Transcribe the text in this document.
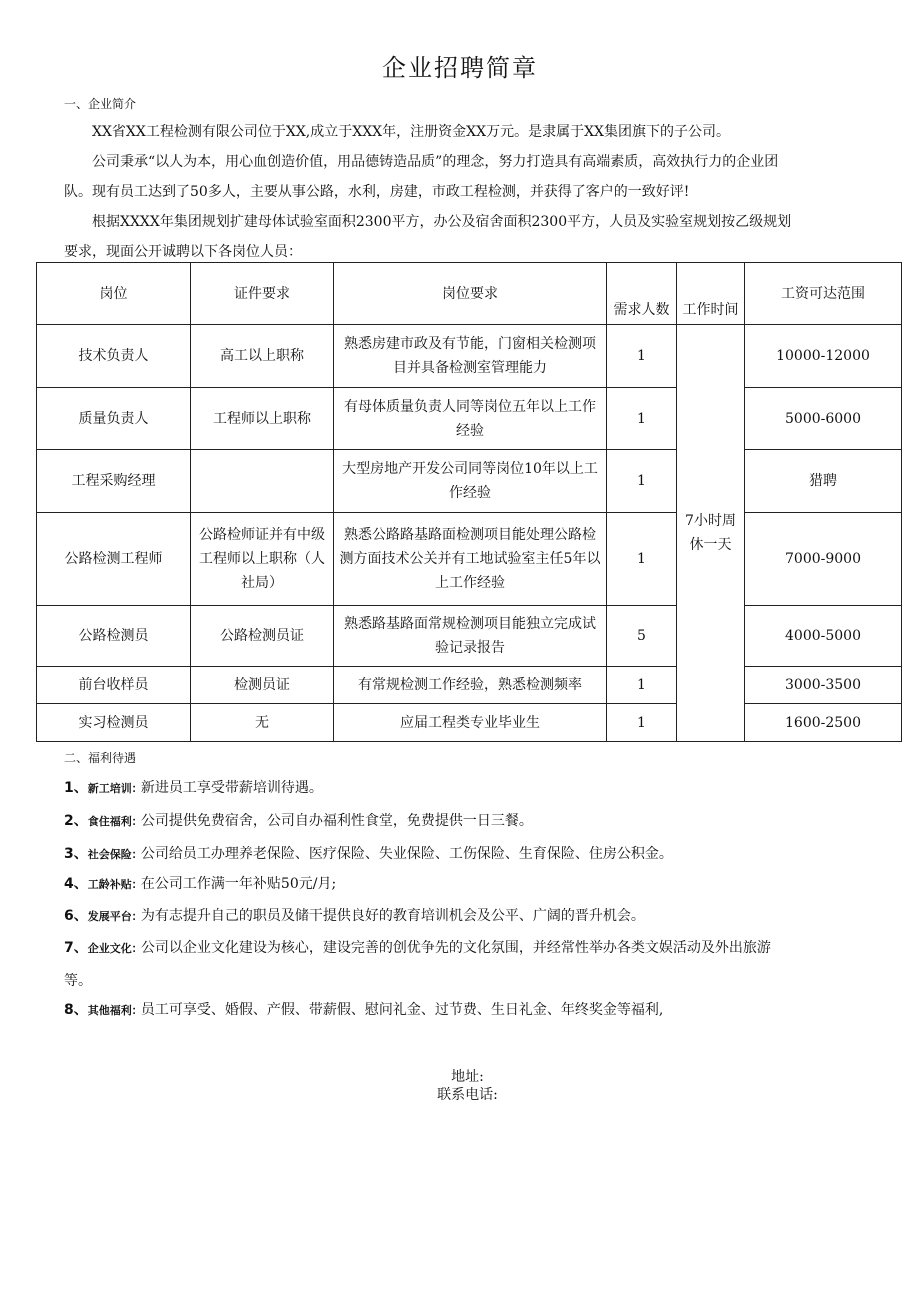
企业招聘简章
一、企业简介
XX省XX工程检测有限公司位于XX,成立于XXX年，注册资金XX万元。是隶属于XX集团旗下的子公司。
公司秉承“以人为本，用心血创造价值，用品德铸造品质”的理念，努力打造具有高端素质，高效执行力的企业团队。现有员工达到了50多人，主要从事公路，水利，房建，市政工程检测，并获得了客户的一致好评!
根据XXXX年集团规划扩建母体试验室面积2300平方，办公及宿舍面积2300平方，人员及实验室规划按乙级规划要求，现面公开诚聘以下各岗位人员：
岗位	证件要求	岗位要求	需求人数	工作时间	工资可达范围
技术负责人	高工以上职称	熟悉房建市政及有节能，门窗相关检测项目并具备检测室管理能力	1	7小时周休一天	10000-12000
质量负责人	工程师以上职称	有母体质量负责人同等岗位五年以上工作经验	1		5000-6000
工程采购经理		大型房地产开发公司同等岗位10年以上工作经验	1		猎聘
公路检测工程师	公路检师证并有中级工程师以上职称（人社局）	熟悉公路路基路面检测项目能处理公路检测方面技术公关并有工地试验室主任5年以上工作经验	1		7000-9000
公路检测员	公路检测员证	熟悉路基路面常规检测项目能独立完成试验记录报告	5		4000-5000
前台收样员	检测员证	有常规检测工作经验，熟悉检测频率	1		3000-3500
实习检测员	无	应届工程类专业毕业生	1		1600-2500
二、福利待遇
1、新工培训: 新进员工享受带薪培训待遇。
2、食住福利: 公司提供免费宿舍，公司自办福利性食堂，免费提供一日三餐。
3、社会保险: 公司给员工办理养老保险、医疗保险、失业保险、工伤保险、生育保险、住房公积金。
4、工龄补贴: 在公司工作满一年补贴50元/月;
6、发展平台: 为有志提升自己的职员及储干提供良好的教育培训机会及公平、广阔的晋升机会。
7、企业文化: 公司以企业文化建设为核心，建设完善的创优争先的文化氛围，并经常性举办各类文娱活动及外出旅游等。
8、其他福利: 员工可享受、婚假、产假、带薪假、慰问礼金、过节费、生日礼金、年终奖金等福利,
地址:
联系电话:
